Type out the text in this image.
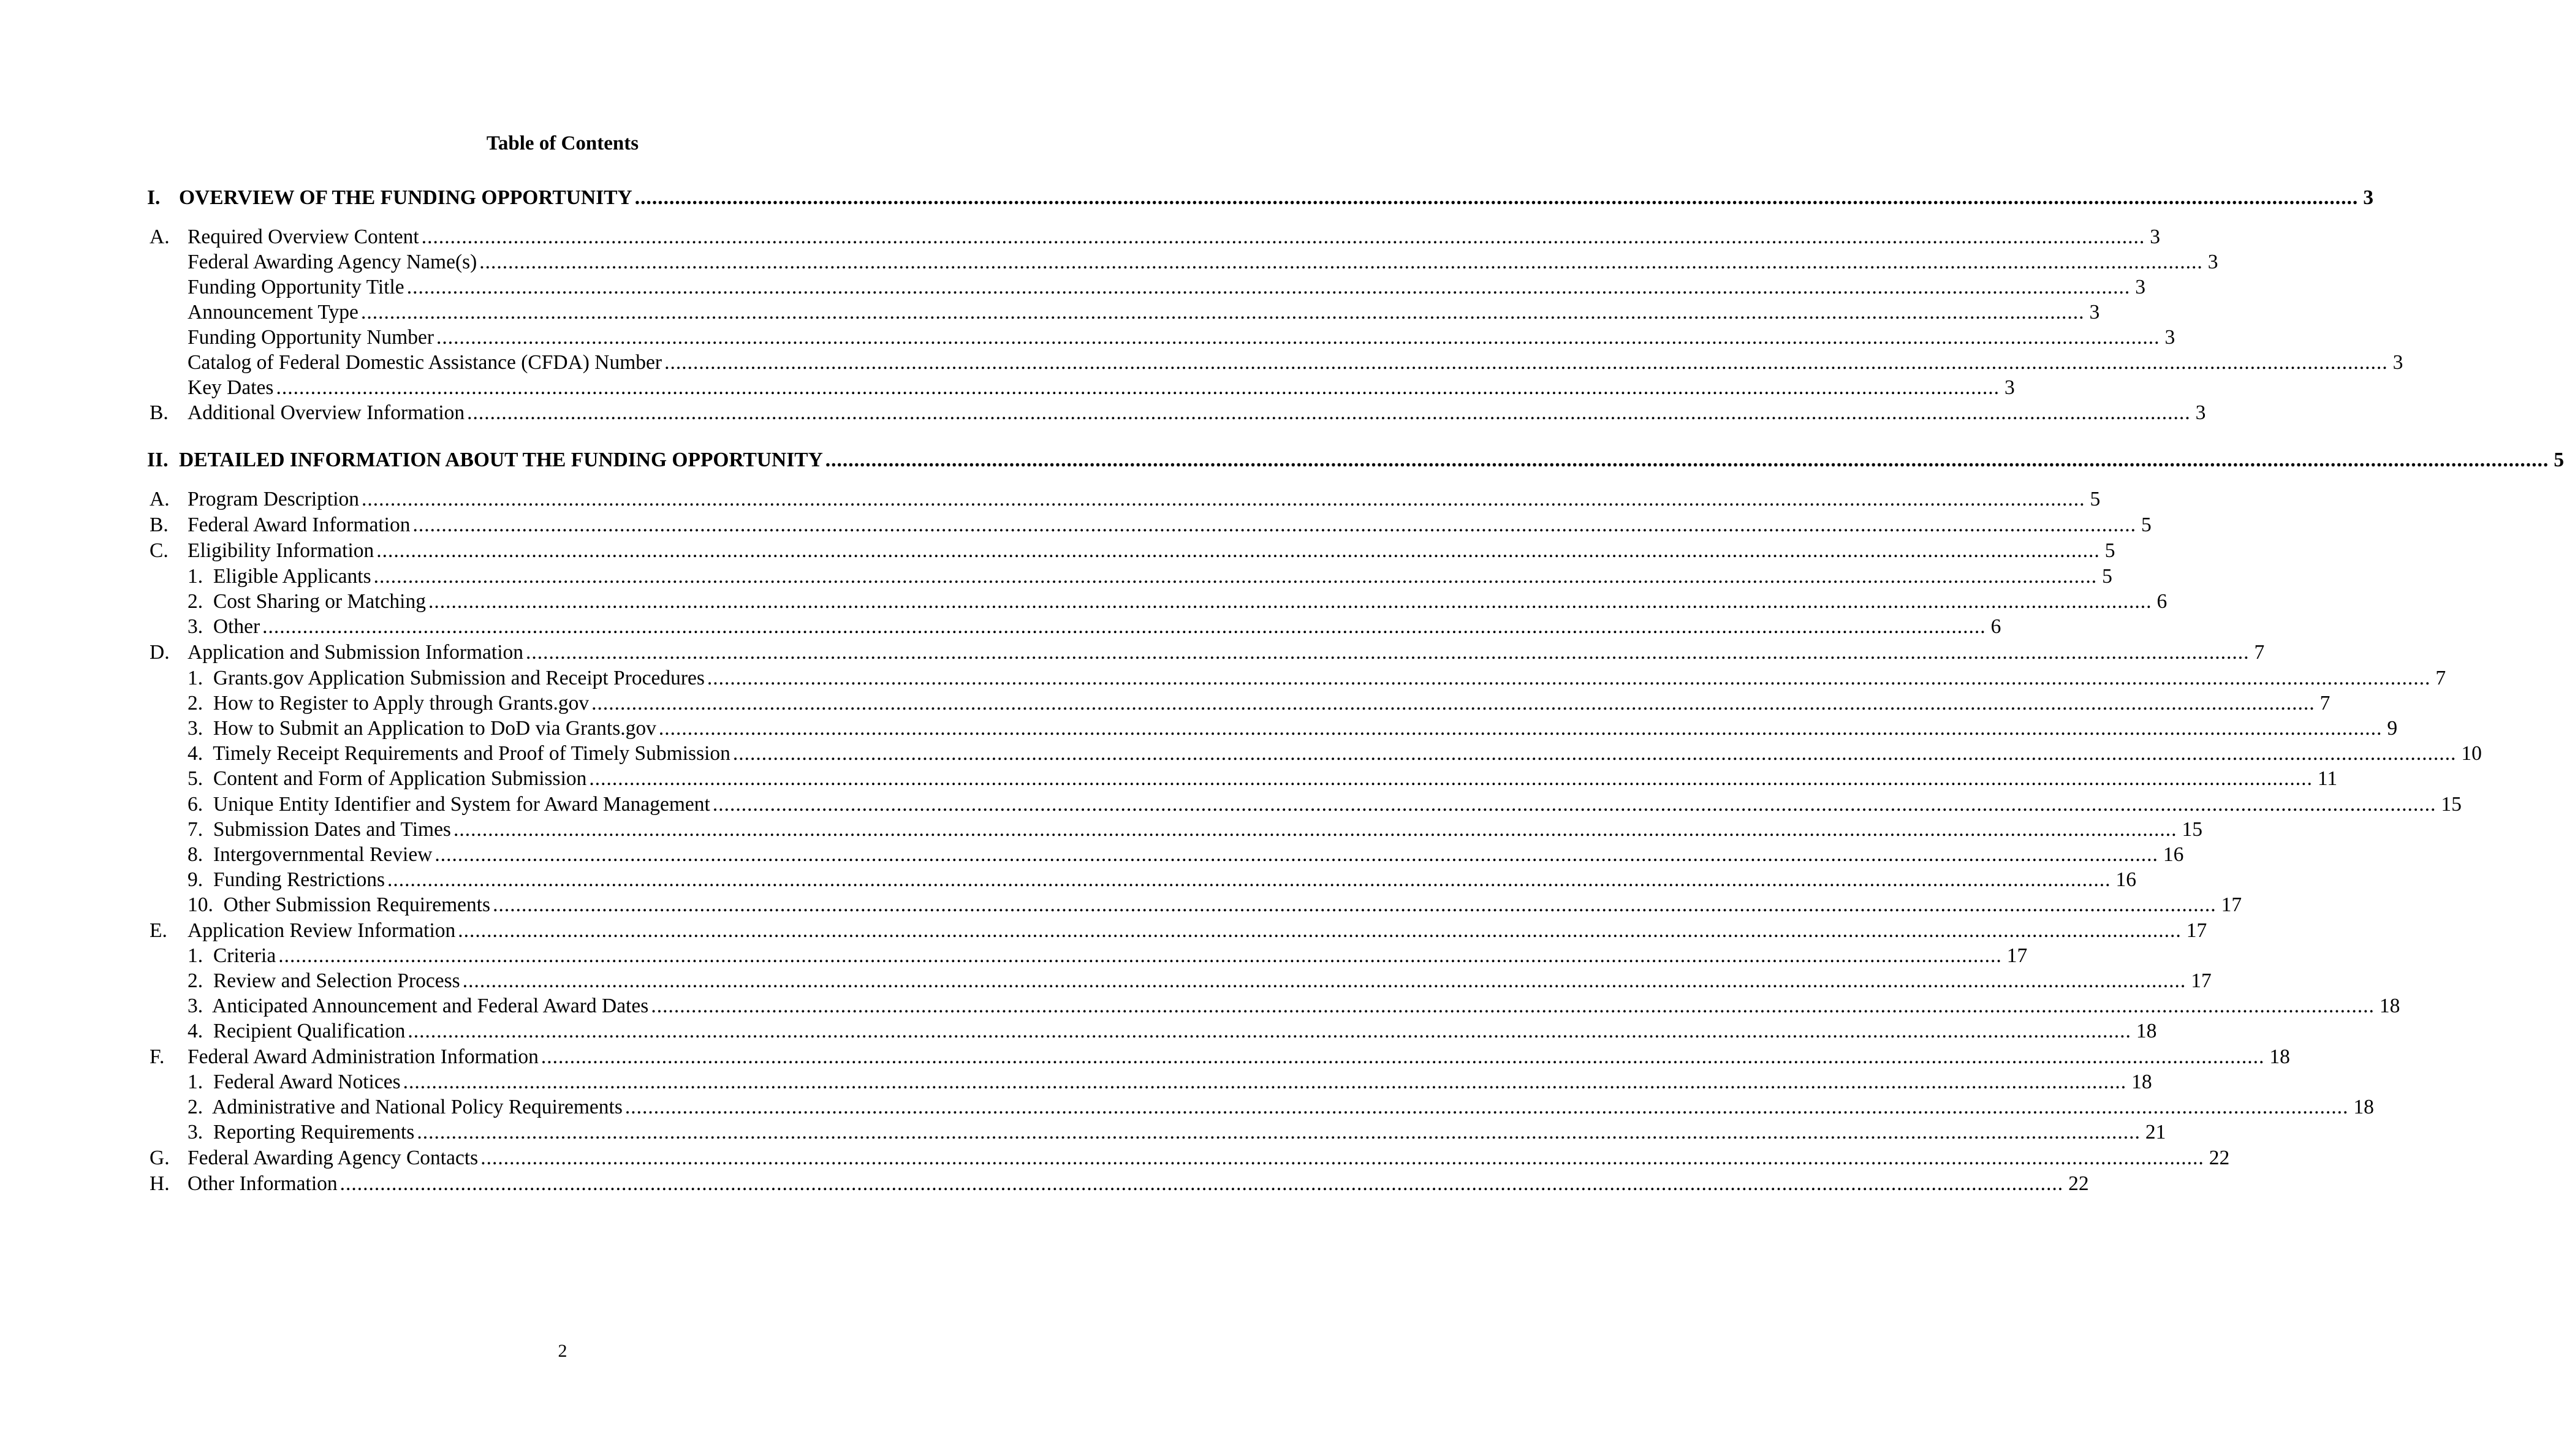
Table of Contents
I. OVERVIEW OF THE FUNDING OPPORTUNITY ............................................................................................................................................................................................................................................................................................................ 3
A. Required Overview Content ............................................................................................................................................................................................................................................................................................................ 3
Federal Awarding Agency Name(s) ............................................................................................................................................................................................................................................................................................................ 3
Funding Opportunity Title ............................................................................................................................................................................................................................................................................................................ 3
Announcement Type ............................................................................................................................................................................................................................................................................................................ 3
Funding Opportunity Number ............................................................................................................................................................................................................................................................................................................ 3
Catalog of Federal Domestic Assistance (CFDA) Number ............................................................................................................................................................................................................................................................................................................ 3
Key Dates ............................................................................................................................................................................................................................................................................................................ 3
B. Additional Overview Information ............................................................................................................................................................................................................................................................................................................ 3
II. DETAILED INFORMATION ABOUT THE FUNDING OPPORTUNITY ............................................................................................................................................................................................................................................................................................................ 5
A. Program Description ............................................................................................................................................................................................................................................................................................................ 5
B. Federal Award Information ............................................................................................................................................................................................................................................................................................................ 5
C. Eligibility Information ............................................................................................................................................................................................................................................................................................................ 5
1.  Eligible Applicants ............................................................................................................................................................................................................................................................................................................ 5
2.  Cost Sharing or Matching ............................................................................................................................................................................................................................................................................................................ 6
3.  Other ............................................................................................................................................................................................................................................................................................................ 6
D. Application and Submission Information ............................................................................................................................................................................................................................................................................................................ 7
1.  Grants.gov Application Submission and Receipt Procedures ............................................................................................................................................................................................................................................................................................................ 7
2.  How to Register to Apply through Grants.gov ............................................................................................................................................................................................................................................................................................................ 7
3.  How to Submit an Application to DoD via Grants.gov ............................................................................................................................................................................................................................................................................................................ 9
4.  Timely Receipt Requirements and Proof of Timely Submission ............................................................................................................................................................................................................................................................................................................ 10
5.  Content and Form of Application Submission ............................................................................................................................................................................................................................................................................................................ 11
6.  Unique Entity Identifier and System for Award Management ............................................................................................................................................................................................................................................................................................................ 15
7.  Submission Dates and Times ............................................................................................................................................................................................................................................................................................................ 15
8.  Intergovernmental Review ............................................................................................................................................................................................................................................................................................................ 16
9.  Funding Restrictions ............................................................................................................................................................................................................................................................................................................ 16
10.  Other Submission Requirements ............................................................................................................................................................................................................................................................................................................ 17
E. Application Review Information ............................................................................................................................................................................................................................................................................................................ 17
1.  Criteria ............................................................................................................................................................................................................................................................................................................ 17
2.  Review and Selection Process ............................................................................................................................................................................................................................................................................................................ 17
3.  Anticipated Announcement and Federal Award Dates ............................................................................................................................................................................................................................................................................................................ 18
4.  Recipient Qualification ............................................................................................................................................................................................................................................................................................................ 18
F. Federal Award Administration Information ............................................................................................................................................................................................................................................................................................................ 18
1.  Federal Award Notices ............................................................................................................................................................................................................................................................................................................ 18
2.  Administrative and National Policy Requirements ............................................................................................................................................................................................................................................................................................................ 18
3.  Reporting Requirements ............................................................................................................................................................................................................................................................................................................ 21
G. Federal Awarding Agency Contacts ............................................................................................................................................................................................................................................................................................................ 22
H. Other Information ............................................................................................................................................................................................................................................................................................................ 22
2
